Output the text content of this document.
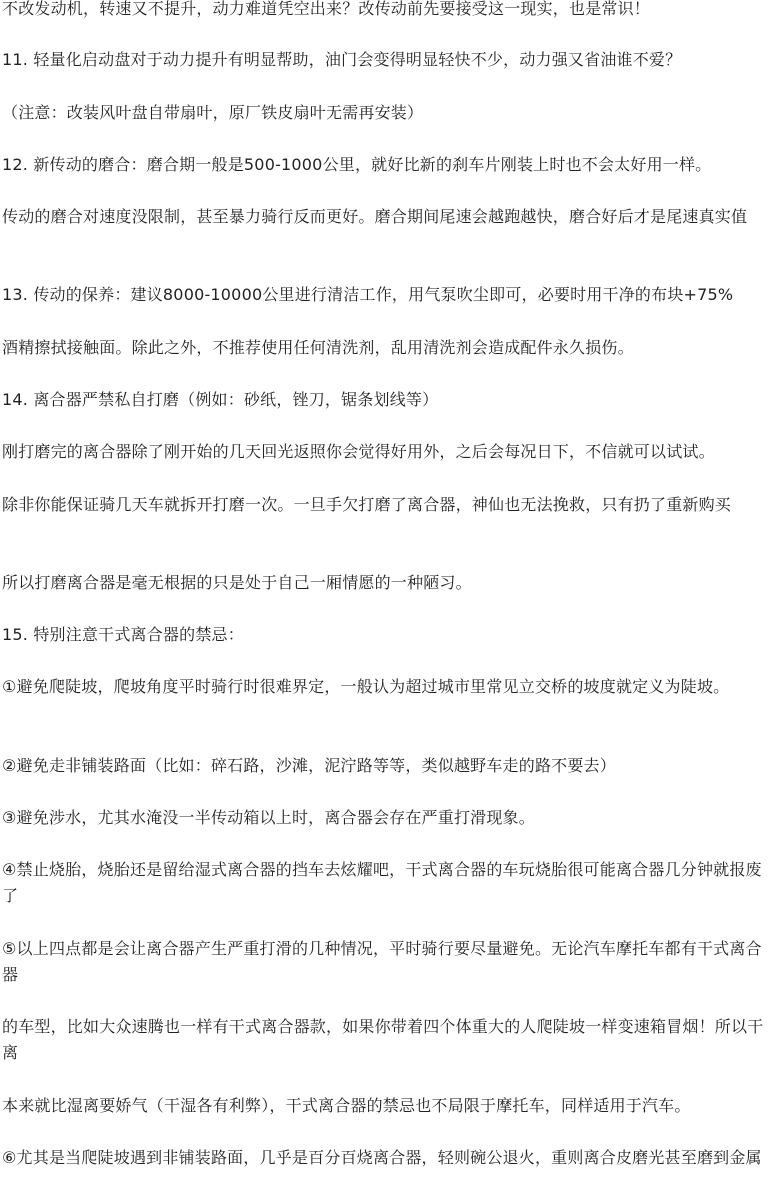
不改发动机，转速又不提升，动力难道凭空出来？改传动前先要接受这一现实，也是常识！

11. 轻量化启动盘对于动力提升有明显帮助，油门会变得明显轻快不少，动力强又省油谁不爱？

（注意：改装风叶盘自带扇叶，原厂铁皮扇叶无需再安装）

12. 新传动的磨合：磨合期一般是500-1000公里，就好比新的刹车片刚装上时也不会太好用一样。

传动的磨合对速度没限制，甚至暴力骑行反而更好。磨合期间尾速会越跑越快，磨合好后才是尾速真实值

13. 传动的保养：建议8000-10000公里进行清洁工作，用气泵吹尘即可，必要时用干净的布块+75%

酒精擦拭接触面。除此之外，不推荐使用任何清洗剂，乱用清洗剂会造成配件永久损伤。

14. 离合器严禁私自打磨（例如：砂纸，锉刀，锯条划线等）

刚打磨完的离合器除了刚开始的几天回光返照你会觉得好用外，之后会每况日下，不信就可以试试。

除非你能保证骑几天车就拆开打磨一次。一旦手欠打磨了离合器，神仙也无法挽救，只有扔了重新购买

所以打磨离合器是毫无根据的只是处于自己一厢情愿的一种陋习。

15. 特别注意干式离合器的禁忌：

①避免爬陡坡，爬坡角度平时骑行时很难界定，一般认为超过城市里常见立交桥的坡度就定义为陡坡。

②避免走非铺装路面（比如：碎石路，沙滩，泥泞路等等，类似越野车走的路不要去）

③避免涉水，尤其水淹没一半传动箱以上时，离合器会存在严重打滑现象。

④禁止烧胎，烧胎还是留给湿式离合器的挡车去炫耀吧，干式离合器的车玩烧胎很可能离合器几分钟就报废了

⑤以上四点都是会让离合器产生严重打滑的几种情况，平时骑行要尽量避免。无论汽车摩托车都有干式离合器

的车型，比如大众速腾也一样有干式离合器款，如果你带着四个体重大的人爬陡坡一样变速箱冒烟！所以干离

本来就比湿离要娇气（干湿各有利弊），干式离合器的禁忌也不局限于摩托车，同样适用于汽车。

⑥尤其是当爬陡坡遇到非铺装路面，几乎是百分百烧离合器，轻则碗公退火，重则离合皮磨光甚至磨到金属
